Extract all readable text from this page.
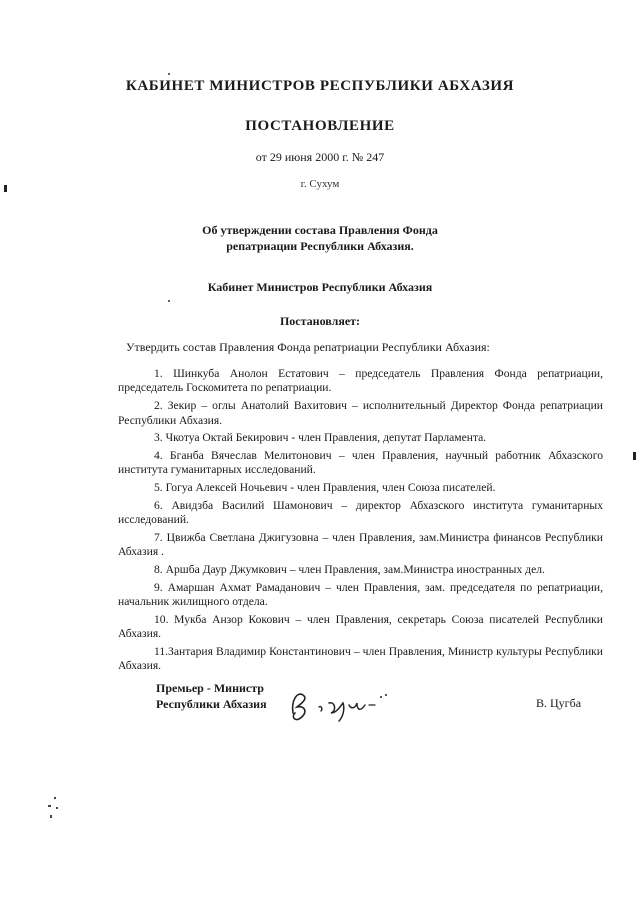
КАБИНЕТ МИНИСТРОВ РЕСПУБЛИКИ АБХАЗИЯ
ПОСТАНОВЛЕНИЕ
от 29 июня 2000 г. № 247
г. Сухум
Об утверждении состава Правления Фонда
репатриации Республики Абхазия.
Кабинет Министров Республики Абхазия
Постановляет:
Утвердить состав Правления Фонда репатриации Республики Абхазия:

1. Шинкуба Анолон Естатович – председатель Правления Фонда репатриации, председатель Госкомитета по репатриации.

2. Зекир – оглы Анатолий Вахитович – исполнительный Директор Фонда репатриации Республики Абхазия.

3. Чкотуа Октай Бекирович - член Правления, депутат Парламента.

4. Бганба Вячеслав Мелитонович – член Правления, научный работник Абхазского института гуманитарных исследований.

5. Гогуа Алексей Ночьевич - член Правления, член Союза писателей.

6. Авидзба Василий Шамонович – директор Абхазского института гуманитарных исследований.

7. Цвижба Светлана Джигузовна – член Правления, зам.Министра финансов Республики Абхазия .

8. Аршба Даур Джумкович – член Правления, зам.Министра иностранных дел.

9. Амаршан Ахмат Рамаданович – член Правления, зам. председателя по репатриации, начальник жилищного отдела.

10. Мукба Анзор Кокович – член Правления, секретарь Союза писателей Республики Абхазия.

11.Зантария Владимир Константинович – член Правления, Министр культуры Республики Абхазия.

Премьер - Министр
Республики Абхазия	В. Цугба
